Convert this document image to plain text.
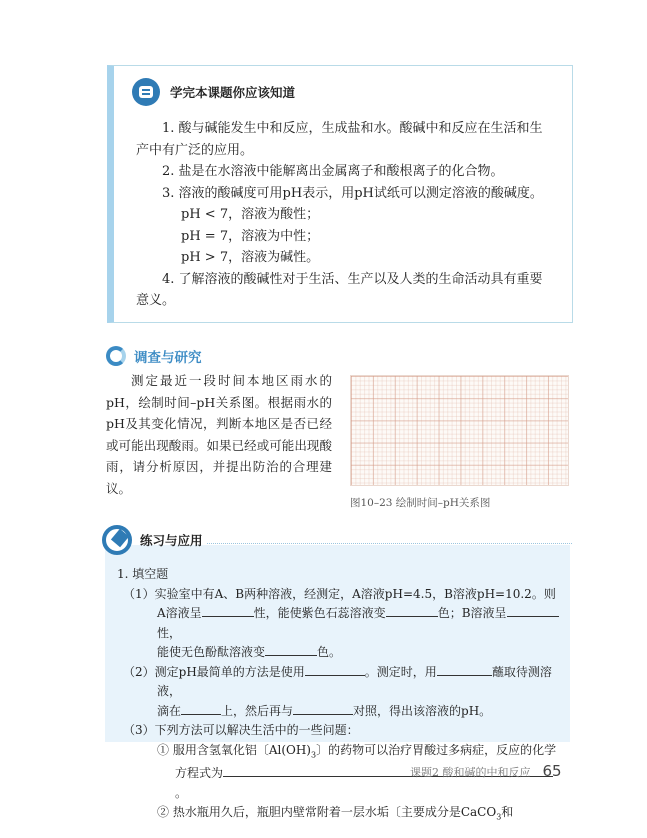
学完本课题你应该知道

1. 酸与碱能发生中和反应，生成盐和水。酸碱中和反应在生活和生产中有广泛的应用。

2. 盐是在水溶液中能解离出金属离子和酸根离子的化合物。

3. 溶液的酸碱度可用pH表示，用pH试纸可以测定溶液的酸碱度。

pH < 7，溶液为酸性；

pH = 7，溶液为中性；

pH > 7，溶液为碱性。

4. 了解溶液的酸碱性对于生活、生产以及人类的生命活动具有重要意义。

调查与研究

测定最近一段时间本地区雨水的pH，绘制时间–pH关系图。根据雨水的pH及其变化情况，判断本地区是否已经或可能出现酸雨。如果已经或可能出现酸雨，请分析原因，并提出防治的合理建议。

图10–23 绘制时间–pH关系图
练习与应用

1. 填空题

（1）实验室中有A、B两种溶液，经测定，A溶液pH=4.5，B溶液pH=10.2。则A溶液呈	性，能使紫色石蕊溶液变	色；B溶液呈性，

能使无色酚酞溶液变	色。

（2）测定pH最简单的方法是使用	。测定时，用	蘸取待测溶液，

滴在	上，然后再与	对照，得出该溶液的pH。

（3）下列方法可以解决生活中的一些问题：

① 服用含氢氧化铝〔$Al(OH)_3$〕的药物可以治疗胃酸过多病症，反应的化学

方程式为。

② 热水瓶用久后，瓶胆内壁常附着一层水垢〔主要成分是CaCO$_3$和

课题2 酸和碱的中和反应 65
